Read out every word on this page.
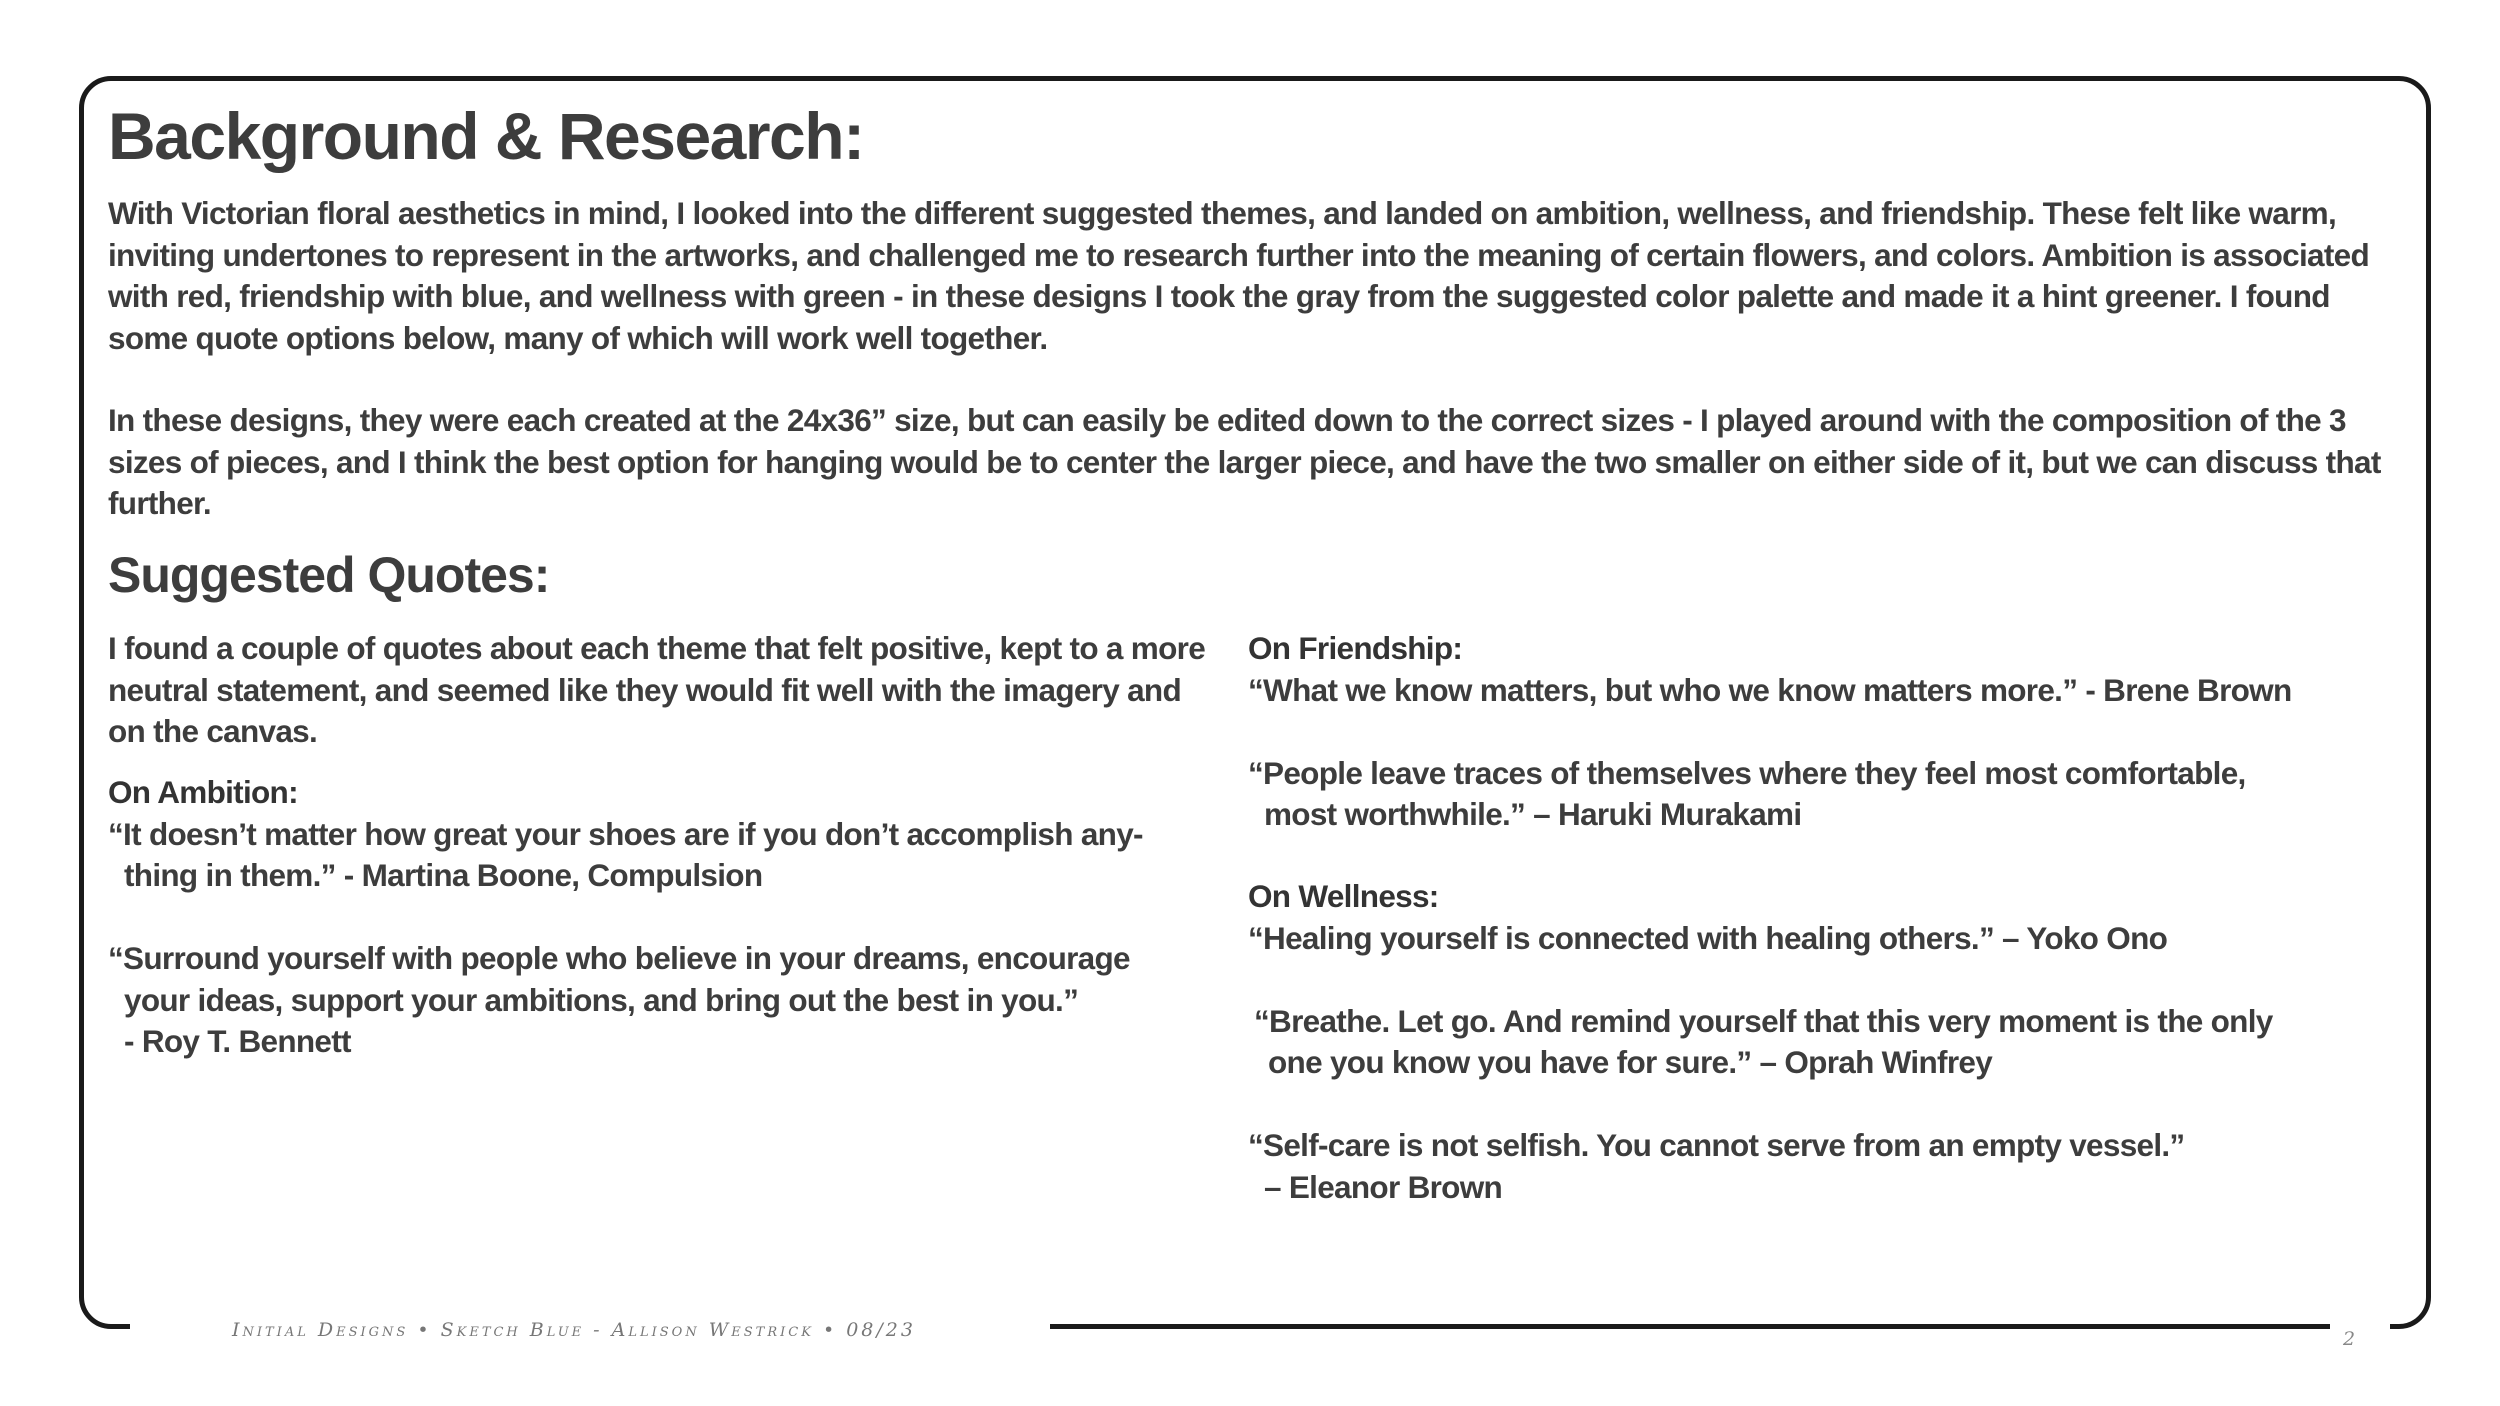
Background & Research:

With Victorian floral aesthetics in mind, I looked into the different suggested themes, and landed on ambition, wellness, and friendship. These felt like warm, inviting undertones to represent in the artworks, and challenged me to research further into the meaning of certain flowers, and colors. Ambition is associated with red, friendship with blue, and wellness with green - in these designs I took the gray from the suggested color palette and made it a hint greener. I found some quote options below, many of which will work well together.

In these designs, they were each created at the 24x36” size, but can easily be edited down to the correct sizes - I played around with the composition of the 3 sizes of pieces, and I think the best option for hanging would be to center the larger piece, and have the two smaller on either side of it, but we can discuss that further.

Suggested Quotes:

I found a couple of quotes about each theme that felt positive, kept to a more neutral statement, and seemed like they would fit well with the imagery and on the canvas.

On Ambition:
“It doesn’t matter how great your shoes are if you don’t accomplish any-
thing in them.” - Martina Boone, Compulsion
“Surround yourself with people who believe in your dreams, encourage
your ideas, support your ambitions, and bring out the best in you.”
- Roy T. Bennett
On Friendship:
“What we know matters, but who we know matters more.” - Brene Brown
“People leave traces of themselves where they feel most comfortable,
most worthwhile.” – Haruki Murakami
On Wellness:
“Healing yourself is connected with healing others.” – Yoko Ono
“Breathe. Let go. And remind yourself that this very moment is the only
one you know you have for sure.” – Oprah Winfrey
“Self-care is not selfish. You cannot serve from an empty vessel.”
– Eleanor Brown
Initial Designs • Sketch Blue - Allison Westrick • 08/23	2
